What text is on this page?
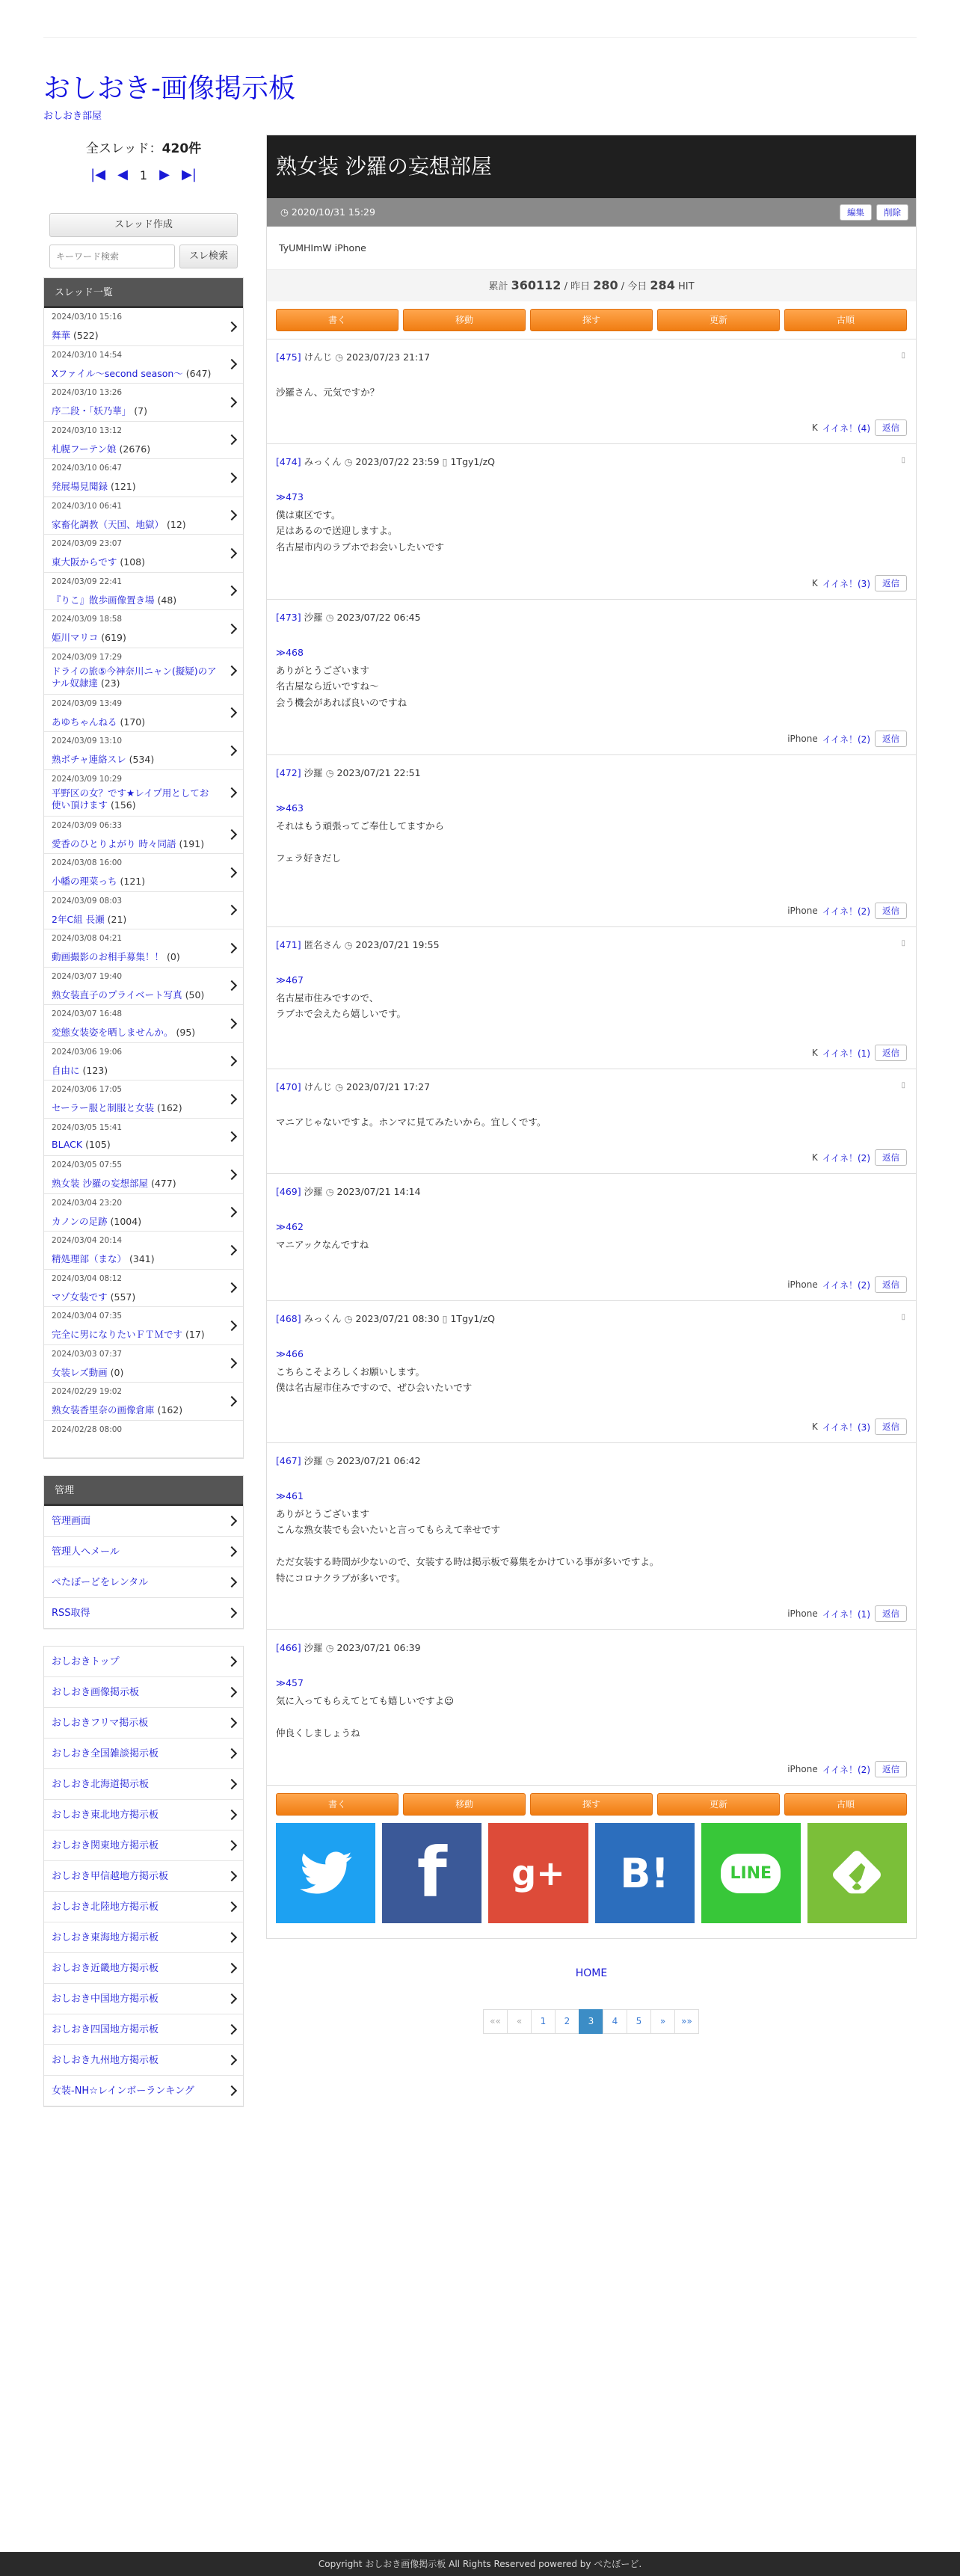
おしおき-画像掲示板
おしおき部屋
全スレッド：420件
|◀ ◀ 1 ▶ ▶|
スレッド作成
キーワード検索
スレ検索
スレッド一覧
2024/03/10 15:16
舞華 (522)
2024/03/10 14:54
Xファイル〜second season〜 (647)
2024/03/10 13:26
序二段・「妖乃華」 (7)
2024/03/10 13:12
札幌フーテン娘 (2676)
2024/03/10 06:47
発展場見聞録 (121)
2024/03/10 06:41
家畜化調教（天国、地獄） (12)
2024/03/09 23:07
東大阪からです (108)
2024/03/09 22:41
『りこ』散歩画像置き場 (48)
2024/03/09 18:58
姫川マリコ (619)
2024/03/09 17:29
ドライの旅⑤今神奈川ニャン(擬疑)のアナル奴隷達 (23)
2024/03/09 13:49
あゆちゃんねる (170)
2024/03/09 13:10
熟ボチャ連絡スレ (534)
2024/03/09 10:29
平野区の女？です★レイプ用としてお使い頂けます (156)
2024/03/09 06:33
愛香のひとりよがり 時々同語 (191)
2024/03/08 16:00
小幡の理菜っち (121)
2024/03/09 08:03
2年C組 長瀬 (21)
2024/03/08 04:21
動画撮影のお相手募集！！ (0)
2024/03/07 19:40
熟女装直子のプライベート写真 (50)
2024/03/07 16:48
変態女装姿を晒しませんか。 (95)
2024/03/06 19:06
自由に (123)
2024/03/06 17:05
セーラー服と制服と女装 (162)
2024/03/05 15:41
BLACK (105)
2024/03/05 07:55
熟女装 沙羅の妄想部屋 (477)
2024/03/04 23:20
カノンの足跡 (1004)
2024/03/04 20:14
精処理部（まな） (341)
2024/03/04 08:12
マゾ女装です (557)
2024/03/04 07:35
完全に男になりたいＦＴＭです (17)
2024/03/03 07:37
女装レズ動画 (0)
2024/02/29 19:02
熟女装香里奈の画像倉庫 (162)
2024/02/28 08:00
管理
管理画面
管理人へメール
ぺたぼーどをレンタル
RSS取得
おしおきトップ
おしおき画像掲示板
おしおきフリマ掲示板
おしおき全国雑談掲示板
おしおき北海道掲示板
おしおき東北地方掲示板
おしおき関東地方掲示板
おしおき甲信越地方掲示板
おしおき北陸地方掲示板
おしおき東海地方掲示板
おしおき近畿地方掲示板
おしおき中国地方掲示板
おしおき四国地方掲示板
おしおき九州地方掲示板
女装-NH☆レインボーランキング
熟女装 沙羅の妄想部屋
◷ 2020/10/31 15:29	編集	削除
TyUMHImW iPhone
累計 360112 / 昨日 280 / 今日 284 HIT
書く	移動	探す	更新	古順
[475] けんじ ◷ 2023/07/23 21:17	▯
沙羅さん、元気ですか？
K イイネ！(4)	返信
[474] みっくん ◷ 2023/07/22 23:59 ▯ 1Tgy1/zQ	▯
≫473
僕は東区です。
足はあるので送迎しますよ。
名古屋市内のラブホでお会いしたいです
K イイネ！(3)	返信
[473] 沙羅 ◷ 2023/07/22 06:45
≫468
ありがとうございます
名古屋なら近いですね〜
会う機会があれば良いのですね
iPhone イイネ！(2)	返信
[472] 沙羅 ◷ 2023/07/21 22:51
≫463
それはもう頑張ってご奉仕してますから
フェラ好きだし
iPhone イイネ！(2)	返信
[471] 匿名さん ◷ 2023/07/21 19:55	▯
≫467
名古屋市住みですので、
ラブホで会えたら嬉しいです。
K イイネ！(1)	返信
[470] けんじ ◷ 2023/07/21 17:27	▯
マニアじゃないですよ。ホンマに見てみたいから。宜しくです。
K イイネ！(2)	返信
[469] 沙羅 ◷ 2023/07/21 14:14
≫462
マニアックなんですね
iPhone イイネ！(2)	返信
[468] みっくん ◷ 2023/07/21 08:30 ▯ 1Tgy1/zQ	▯
≫466
こちらこそよろしくお願いします。
僕は名古屋市住みですので、ぜひ会いたいです
K イイネ！(3)	返信
[467] 沙羅 ◷ 2023/07/21 06:42
≫461
ありがとうございます
こんな熟女装でも会いたいと言ってもらえて幸せです
ただ女装する時間が少ないので、女装する時は掲示板で募集をかけている事が多いですよ。
特にコロナクラブが多いです。
iPhone イイネ！(1)	返信
[466] 沙羅 ◷ 2023/07/21 06:39
≫457
気に入ってもらえてとても嬉しいですよ☺
仲良くしましょうね
iPhone イイネ！(2)	返信
書く	移動	探す	更新	古順
f g+ B!	LINE
HOME
««	«	1	2	3	4	5	»	»»
Copyright おしおき画像掲示板 All Rights Reserved powered by ぺたぼーど.
